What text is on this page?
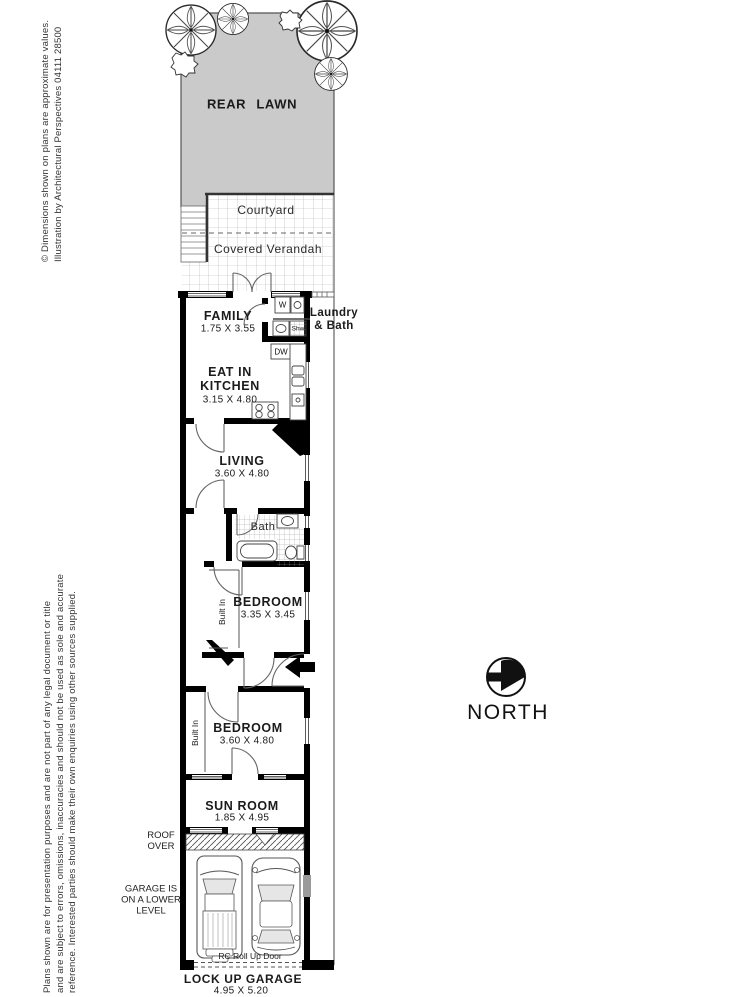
REAR LAWN
Courtyard
Covered Verandah
FAMILY
1.75 X 3.55
Laundry
& Bath
EAT IN
KITCHEN
3.15 X 4.80
LIVING
3.60 X 4.80
Bath
BEDROOM
3.35 X 3.45
Built In
BEDROOM
3.60 X 4.80
Built In
SUN ROOM
1.85 X 4.95
ROOF
OVER
GARAGE IS
ON A LOWER
LEVEL
RC Roll Up Door
LOCK UP GARAGE
4.95 X 5.20
W
Shw
DW
NORTH
© Dimensions shown on plans are approximate values. Illustration by Architectural Perspectives 04111 28500
Plans shown are for presentation purposes and are not part of any legal document or title and are subject to errors, omissions, inaccuracies and should not be used as sole and accurate reference. Interested parties should make their own enquiries using other sources supplied.
